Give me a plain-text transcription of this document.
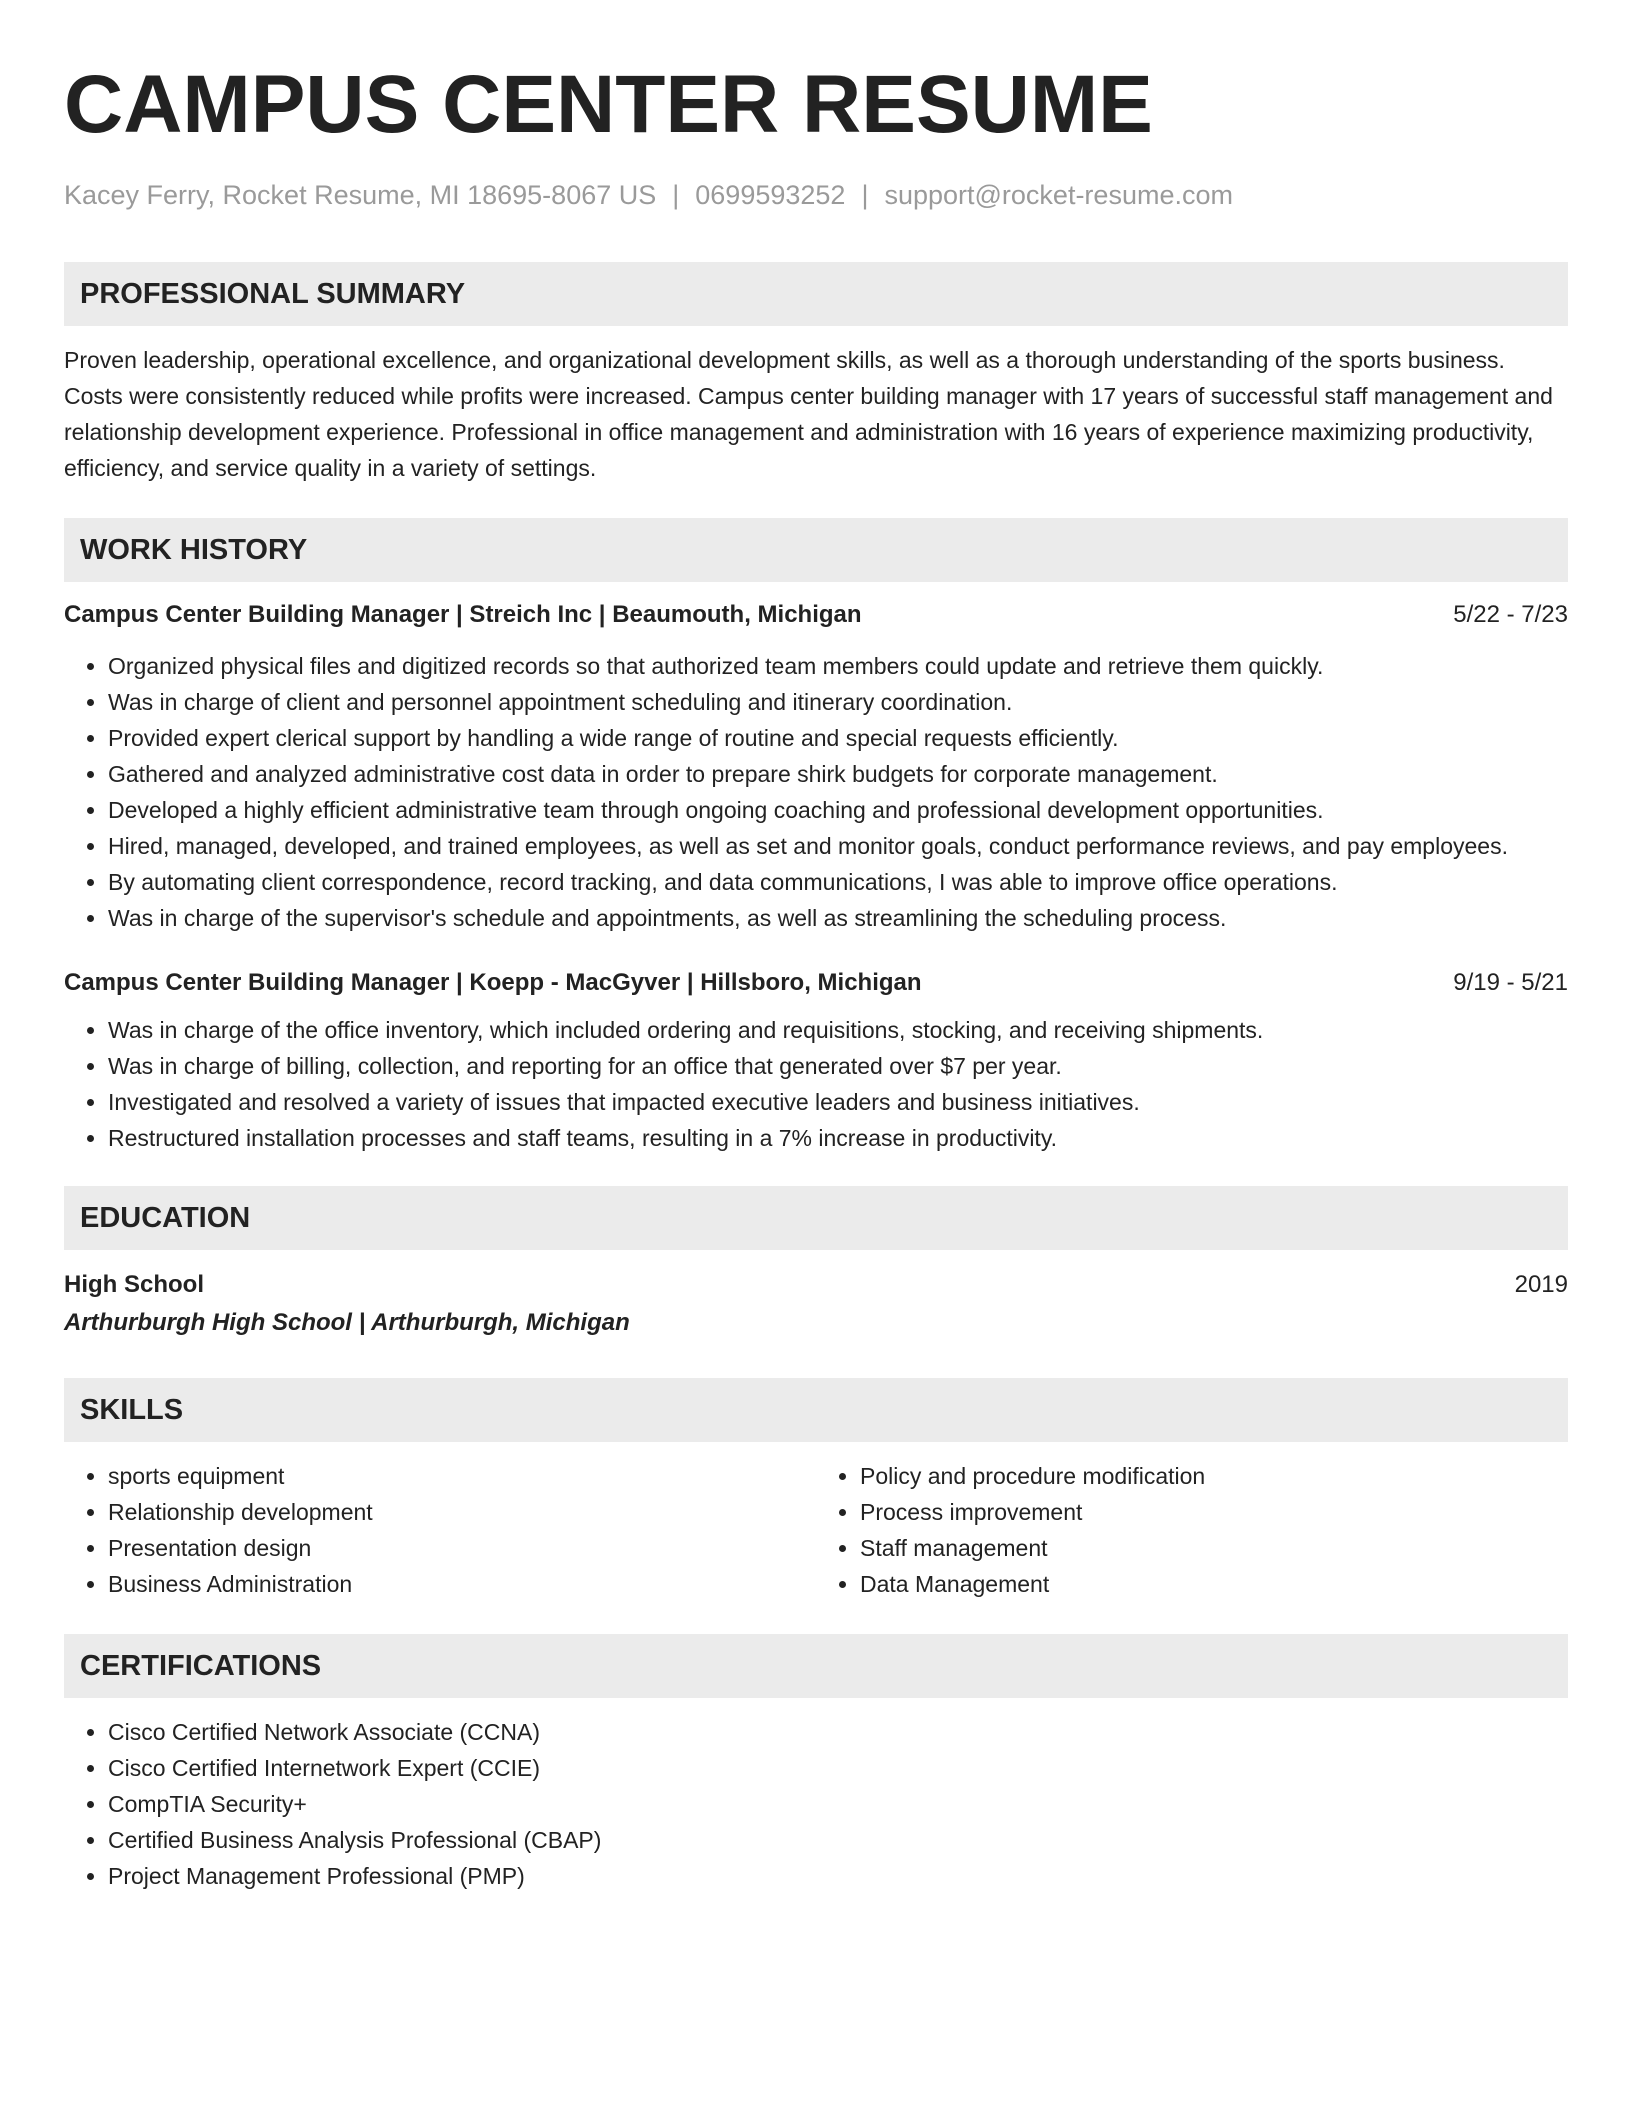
CAMPUS CENTER RESUME
Kacey Ferry, Rocket Resume, MI 18695-8067 US | 0699593252 | support@rocket-resume.com
PROFESSIONAL SUMMARY
Proven leadership, operational excellence, and organizational development skills, as well as a thorough understanding of the sports business. Costs were consistently reduced while profits were increased. Campus center building manager with 17 years of successful staff management and relationship development experience. Professional in office management and administration with 16 years of experience maximizing productivity, efficiency, and service quality in a variety of settings.
WORK HISTORY
Campus Center Building Manager | Streich Inc | Beaumouth, Michigan	5/22 - 7/23
• Organized physical files and digitized records so that authorized team members could update and retrieve them quickly.
• Was in charge of client and personnel appointment scheduling and itinerary coordination.
• Provided expert clerical support by handling a wide range of routine and special requests efficiently.
• Gathered and analyzed administrative cost data in order to prepare shirk budgets for corporate management.
• Developed a highly efficient administrative team through ongoing coaching and professional development opportunities.
• Hired, managed, developed, and trained employees, as well as set and monitor goals, conduct performance reviews, and pay employees.
• By automating client correspondence, record tracking, and data communications, I was able to improve office operations.
• Was in charge of the supervisor's schedule and appointments, as well as streamlining the scheduling process.
Campus Center Building Manager | Koepp - MacGyver | Hillsboro, Michigan	9/19 - 5/21
• Was in charge of the office inventory, which included ordering and requisitions, stocking, and receiving shipments.
• Was in charge of billing, collection, and reporting for an office that generated over $7 per year.
• Investigated and resolved a variety of issues that impacted executive leaders and business initiatives.
• Restructured installation processes and staff teams, resulting in a 7% increase in productivity.
EDUCATION
High School	2019
Arthurburgh High School | Arthurburgh, Michigan
SKILLS
• sports equipment
• Relationship development
• Presentation design
• Business Administration
• Policy and procedure modification
• Process improvement
• Staff management
• Data Management
CERTIFICATIONS
• Cisco Certified Network Associate (CCNA)
• Cisco Certified Internetwork Expert (CCIE)
• CompTIA Security+
• Certified Business Analysis Professional (CBAP)
• Project Management Professional (PMP)
